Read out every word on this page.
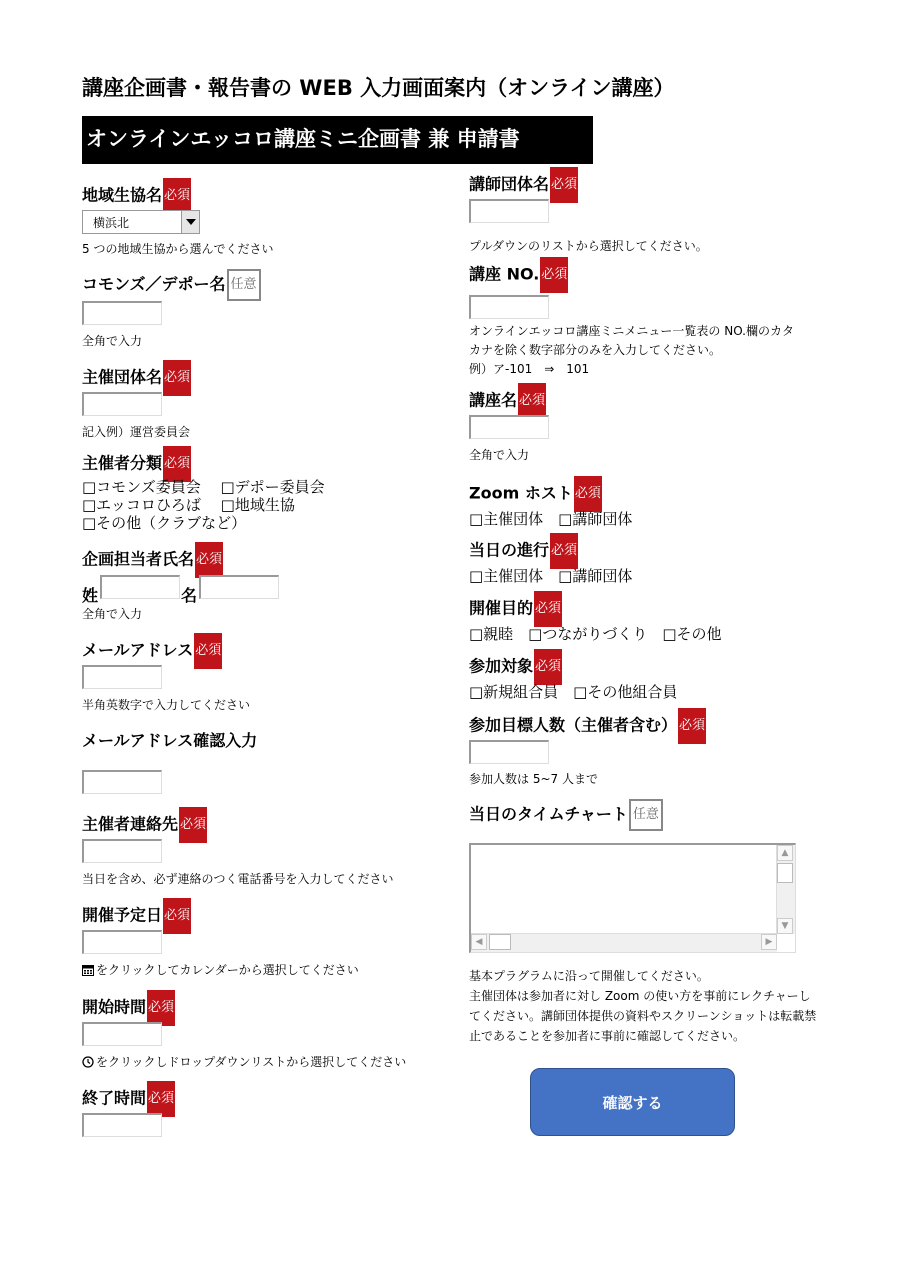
講座企画書・報告書の WEB 入力画面案内（オンライン講座）
オンラインエッコロ講座ミニ企画書 兼 申請書
地域生協名 必須
横浜北
5 つの地域生協から選んでください
コモンズ／デポー名 任意
全角で入力
主催団体名 必須
記入例）運営委員会
主催者分類 必須
□コモンズ委員会　 □デポー委員会
□エッコロひろば　 □地域生協
□その他（クラブなど）
企画担当者氏名 必須
姓	名
全角で入力
メールアドレス 必須
半角英数字で入力してください
メールアドレス確認入力
主催者連絡先 必須
当日を含め、必ず連絡のつく電話番号を入力してください
開催予定日 必須
をクリックしてカレンダーから選択してください
開始時間 必須
をクリックしドロップダウンリストから選択してください
終了時間 必須
講師団体名 必須
プルダウンのリストから選択してください。
講座 NO. 必須
オンラインエッコロ講座ミニメニュー一覧表の NO.欄のカタ
カナを除く数字部分のみを入力してください。
例）ア-101　⇒　101
講座名 必須
全角で入力
Zoom ホスト 必須
□主催団体　□講師団体
当日の進行 必須
□主催団体　□講師団体
開催目的 必須
□親睦　□つながりづくり　□その他
参加対象 必須
□新規組合員　□その他組合員
参加目標人数（主催者含む） 必須
参加人数は 5~7 人まで
当日のタイムチャート 任意
▲
▼
◀	▶
基本プラグラムに沿って開催してください。
主催団体は参加者に対し Zoom の使い方を事前にレクチャーしてください。講師団体提供の資料やスクリーンショットは転載禁止であることを参加者に事前に確認してください。
確認する
